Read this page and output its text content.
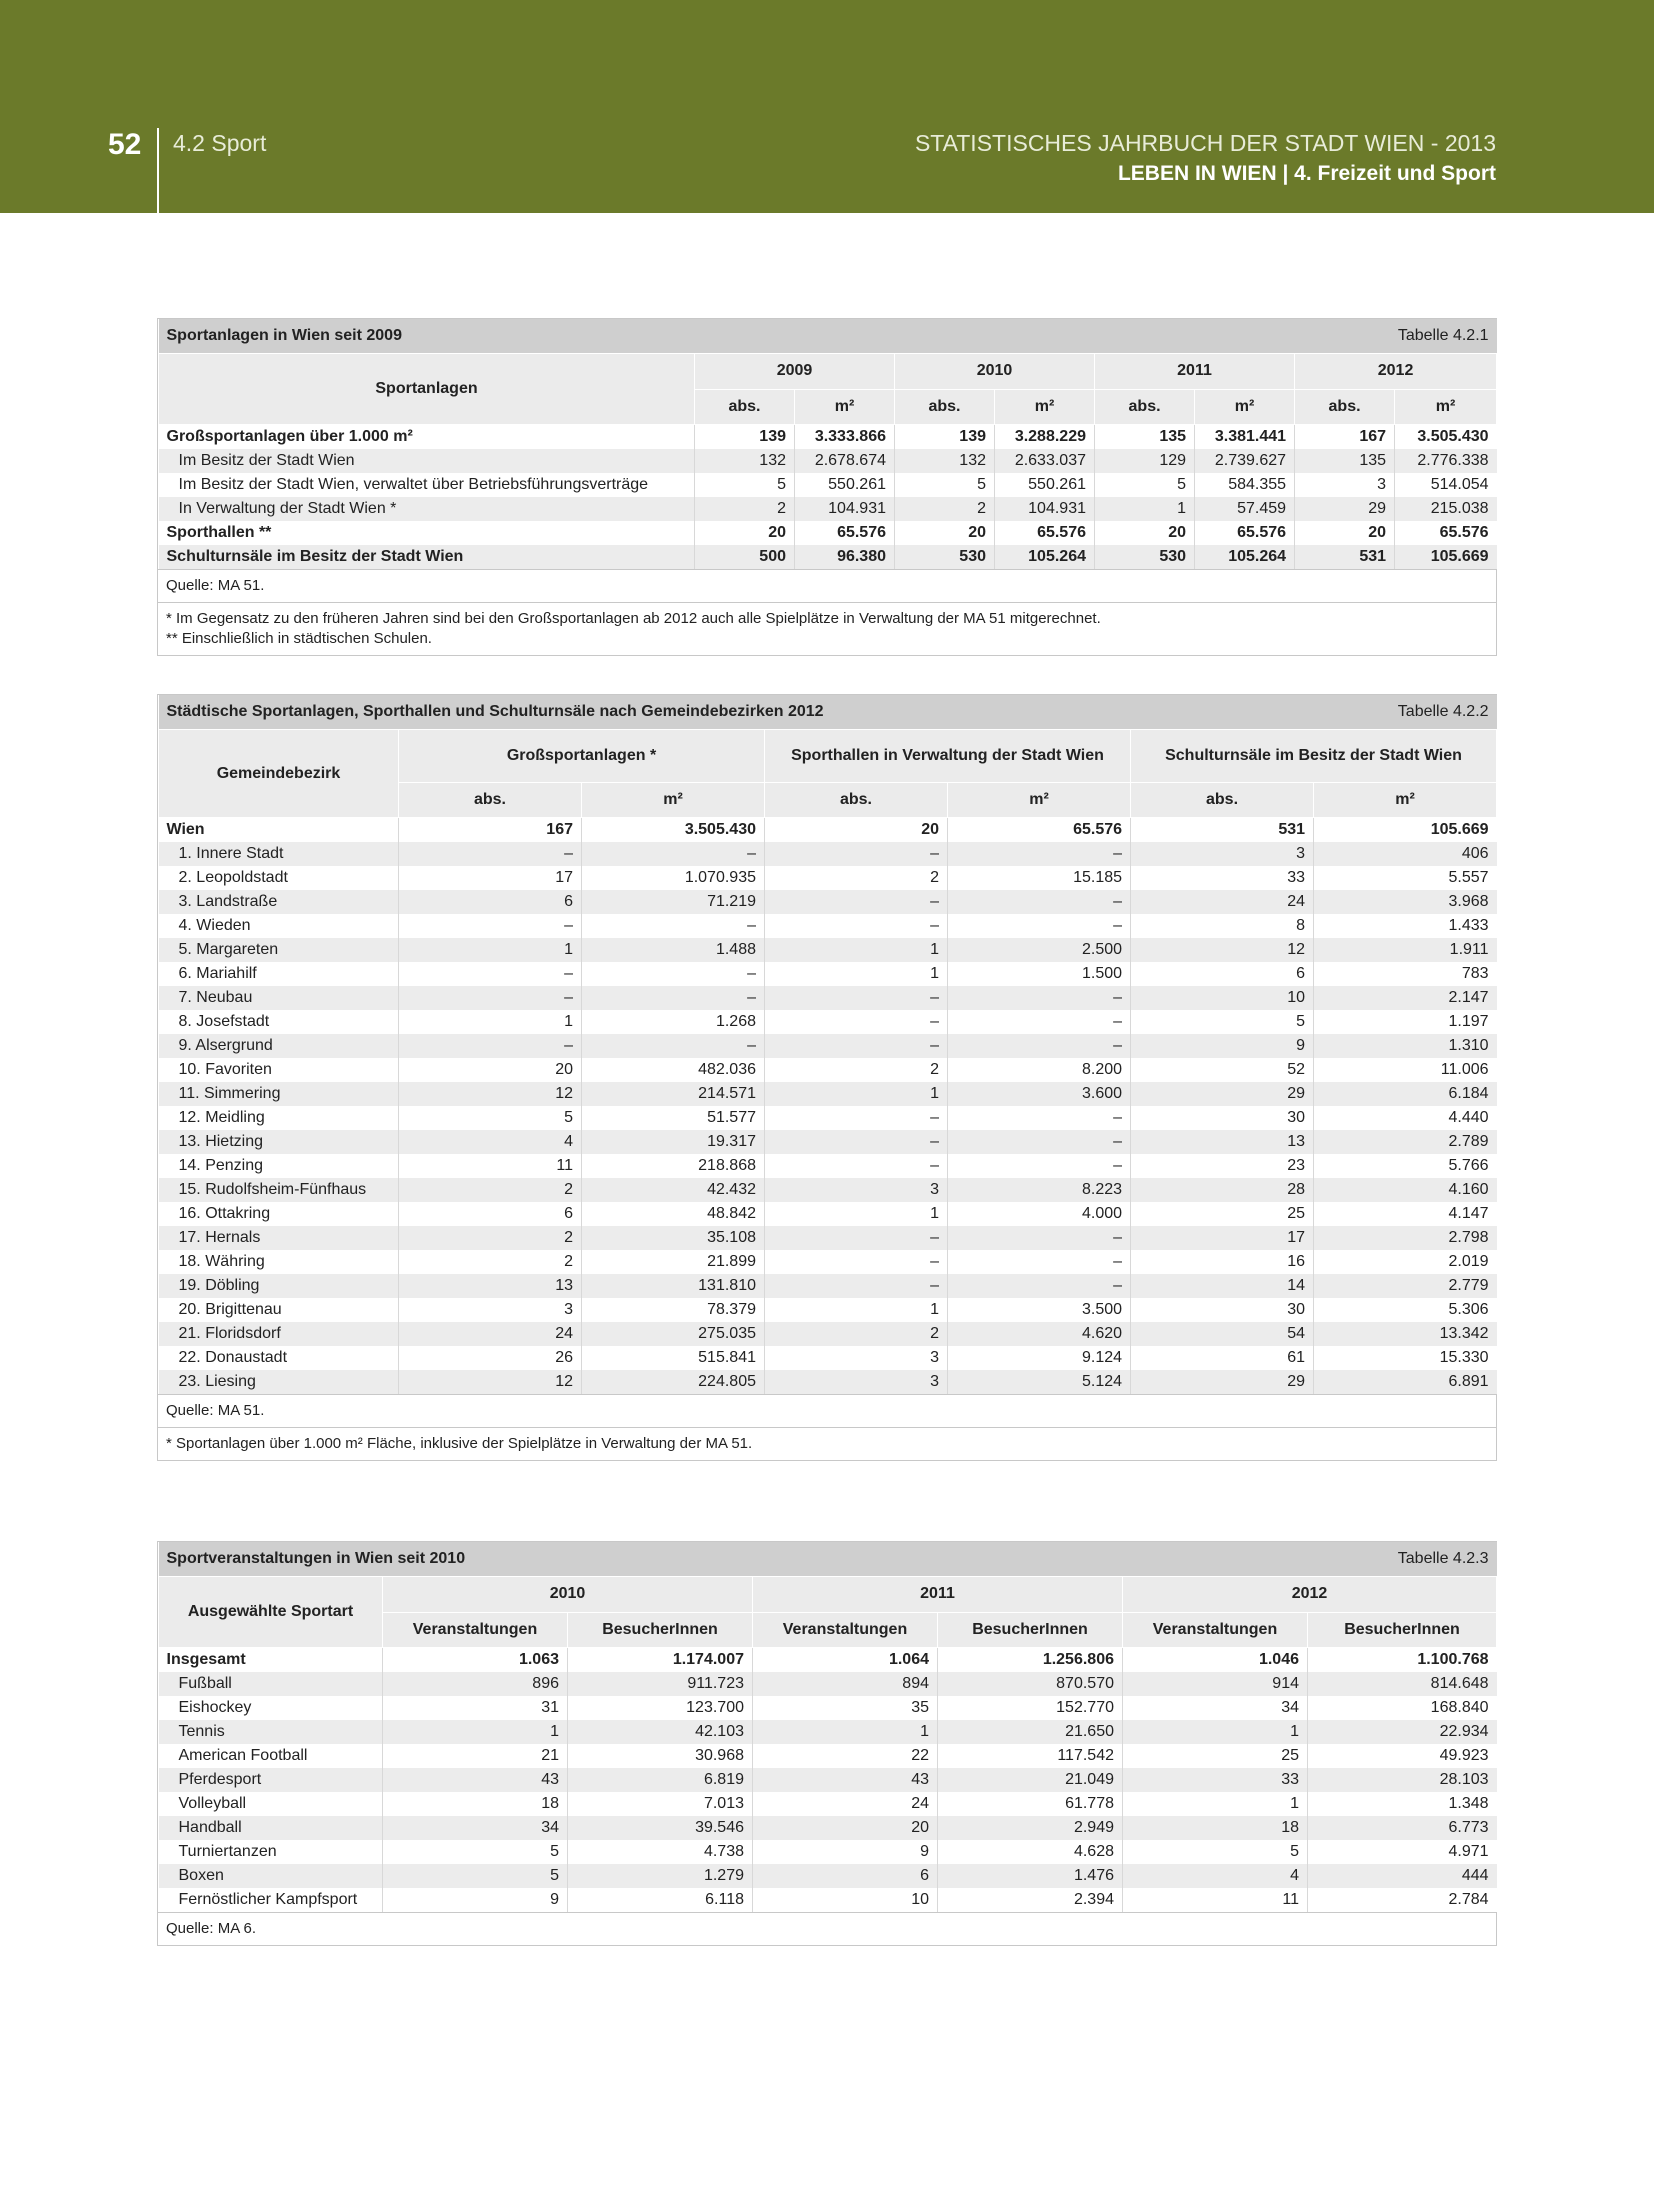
52 4.2 Sport	STATISTISCHES JAHRBUCH DER STADT WIEN - 2013
LEBEN IN WIEN | 4. Freizeit und Sport
Sportanlagen in Wien seit 2009						Tabelle 4.2.1		
Sportanlagen	2009		2010		2011		2012	
	abs.	m²	abs.	m²	abs.	m²	abs.	m²
Großsportanlagen über 1.000 m²	139	3.333.866	139	3.288.229	135	3.381.441	167	3.505.430
Im Besitz der Stadt Wien	132	2.678.674	132	2.633.037	129	2.739.627	135	2.776.338
Im Besitz der Stadt Wien, verwaltet über Betriebsführungsverträge	5	550.261	5	550.261	5	584.355	3	514.054
In Verwaltung der Stadt Wien *	2	104.931	2	104.931	1	57.459	29	215.038
Sporthallen **	20	65.576	20	65.576	20	65.576	20	65.576
Schulturnsäle im Besitz der Stadt Wien	500	96.380	530	105.264	530	105.264	531	105.669
Quelle: MA 51.
* Im Gegensatz zu den früheren Jahren sind bei den Großsportanlagen ab 2012 auch alle Spielplätze in Verwaltung der MA 51 mitgerechnet.
** Einschließlich in städtischen Schulen.
Städtische Sportanlagen, Sporthallen und Schulturnsäle nach Gemeindebezirken 2012					Tabelle 4.2.2	
Gemeindebezirk	Großsportanlagen *		Sporthallen in Verwaltung der Stadt Wien		Schulturnsäle im Besitz der Stadt Wien	
	abs.	m²	abs.	m²	abs.	m²
Wien	167	3.505.430	20	65.576	531	105.669
1. Innere Stadt	–	–	–	–	3	406
2. Leopoldstadt	17	1.070.935	2	15.185	33	5.557
3. Landstraße	6	71.219	–	–	24	3.968
4. Wieden	–	–	–	–	8	1.433
5. Margareten	1	1.488	1	2.500	12	1.911
6. Mariahilf	–	–	1	1.500	6	783
7. Neubau	–	–	–	–	10	2.147
8. Josefstadt	1	1.268	–	–	5	1.197
9. Alsergrund	–	–	–	–	9	1.310
10. Favoriten	20	482.036	2	8.200	52	11.006
11. Simmering	12	214.571	1	3.600	29	6.184
12. Meidling	5	51.577	–	–	30	4.440
13. Hietzing	4	19.317	–	–	13	2.789
14. Penzing	11	218.868	–	–	23	5.766
15. Rudolfsheim-Fünfhaus	2	42.432	3	8.223	28	4.160
16. Ottakring	6	48.842	1	4.000	25	4.147
17. Hernals	2	35.108	–	–	17	2.798
18. Währing	2	21.899	–	–	16	2.019
19. Döbling	13	131.810	–	–	14	2.779
20. Brigittenau	3	78.379	1	3.500	30	5.306
21. Floridsdorf	24	275.035	2	4.620	54	13.342
22. Donaustadt	26	515.841	3	9.124	61	15.330
23. Liesing	12	224.805	3	5.124	29	6.891
Quelle: MA 51.
* Sportanlagen über 1.000 m² Fläche, inklusive der Spielplätze in Verwaltung der MA 51.
Sportveranstaltungen in Wien seit 2010					Tabelle 4.2.3	
Ausgewählte Sportart	2010		2011		2012	
	Veranstaltungen	BesucherInnen	Veranstaltungen	BesucherInnen	Veranstaltungen	BesucherInnen
Insgesamt	1.063	1.174.007	1.064	1.256.806	1.046	1.100.768
Fußball	896	911.723	894	870.570	914	814.648
Eishockey	31	123.700	35	152.770	34	168.840
Tennis	1	42.103	1	21.650	1	22.934
American Football	21	30.968	22	117.542	25	49.923
Pferdesport	43	6.819	43	21.049	33	28.103
Volleyball	18	7.013	24	61.778	1	1.348
Handball	34	39.546	20	2.949	18	6.773
Turniertanzen	5	4.738	9	4.628	5	4.971
Boxen	5	1.279	6	1.476	4	444
Fernöstlicher Kampfsport	9	6.118	10	2.394	11	2.784
Quelle: MA 6.
